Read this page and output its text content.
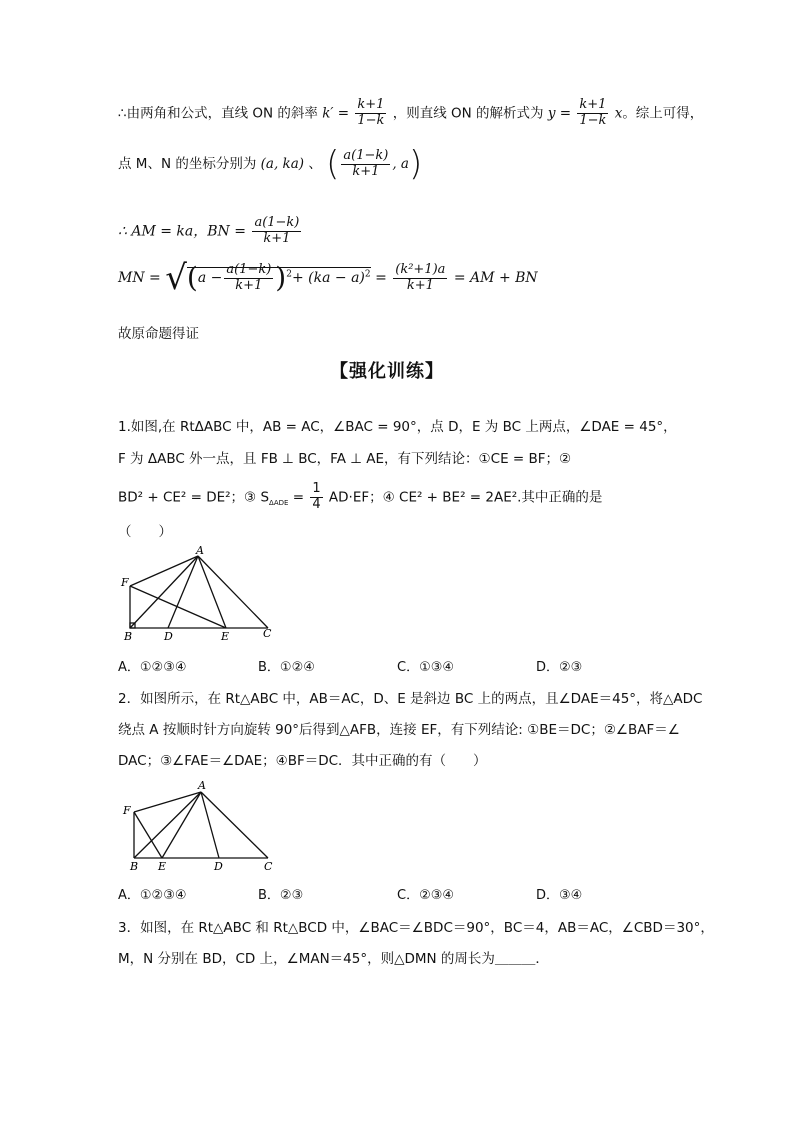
∴由两角和公式，直线 ON 的斜率 $k' = \frac{k+1}{1-k}$ ，则直线 ON 的解析式为 $y = \frac{k+1}{1-k}$ x。综上可得，
点 M、N 的坐标分别为 (a, ka) 、 ( $\frac{a(1-k)}{k+1}$ , a)
∴ AM = ka，BN = $\frac{a(1-k)}{k+1}$
MN = $√(a - \frac{a(1-k)}{k+1} )^2+ (ka - a)^2 = \frac{\text{(k²+1)a}}{k+1}$ = AM + BN
故原命题得证
【强化训练】
1.如图,在 RtΔABC 中，AB = AC，∠BAC = 90°，点 D，E 为 BC 上两点，∠DAE = 45°，
F 为 ΔABC 外一点，且 FB ⊥ BC，FA ⊥ AE，有下列结论：①CE = BF；②
BD² + CE² = DE²；③ $S_{\Delta ADE} = \frac{1}{4} AD\cdot EF$；④ CE² + BE² = 2AE².其中正确的是
（　　）
A
F
B	D	E	C
A．①②③④	B．①②④	C．①③④	D．②③
2．如图所示，在 Rt△ABC 中，AB＝AC，D、E 是斜边 BC 上的两点，且∠DAE＝45°，将△ADC
绕点 A 按顺时针方向旋转 90°后得到△AFB，连接 EF，有下列结论: ①BE＝DC；②∠BAF＝∠
DAC；③∠FAE＝∠DAE；④BF＝DC．其中正确的有（　　）
A
F
B E	D	C
A．①②③④	B．②③	C．②③④	D．③④
3．如图，在 Rt△ABC 和 Rt△BCD 中，∠BAC＝∠BDC＝90°，BC＝4，AB＝AC，∠CBD＝30°，
M，N 分别在 BD，CD 上，∠MAN＝45°，则△DMN 的周长为＿＿＿．
